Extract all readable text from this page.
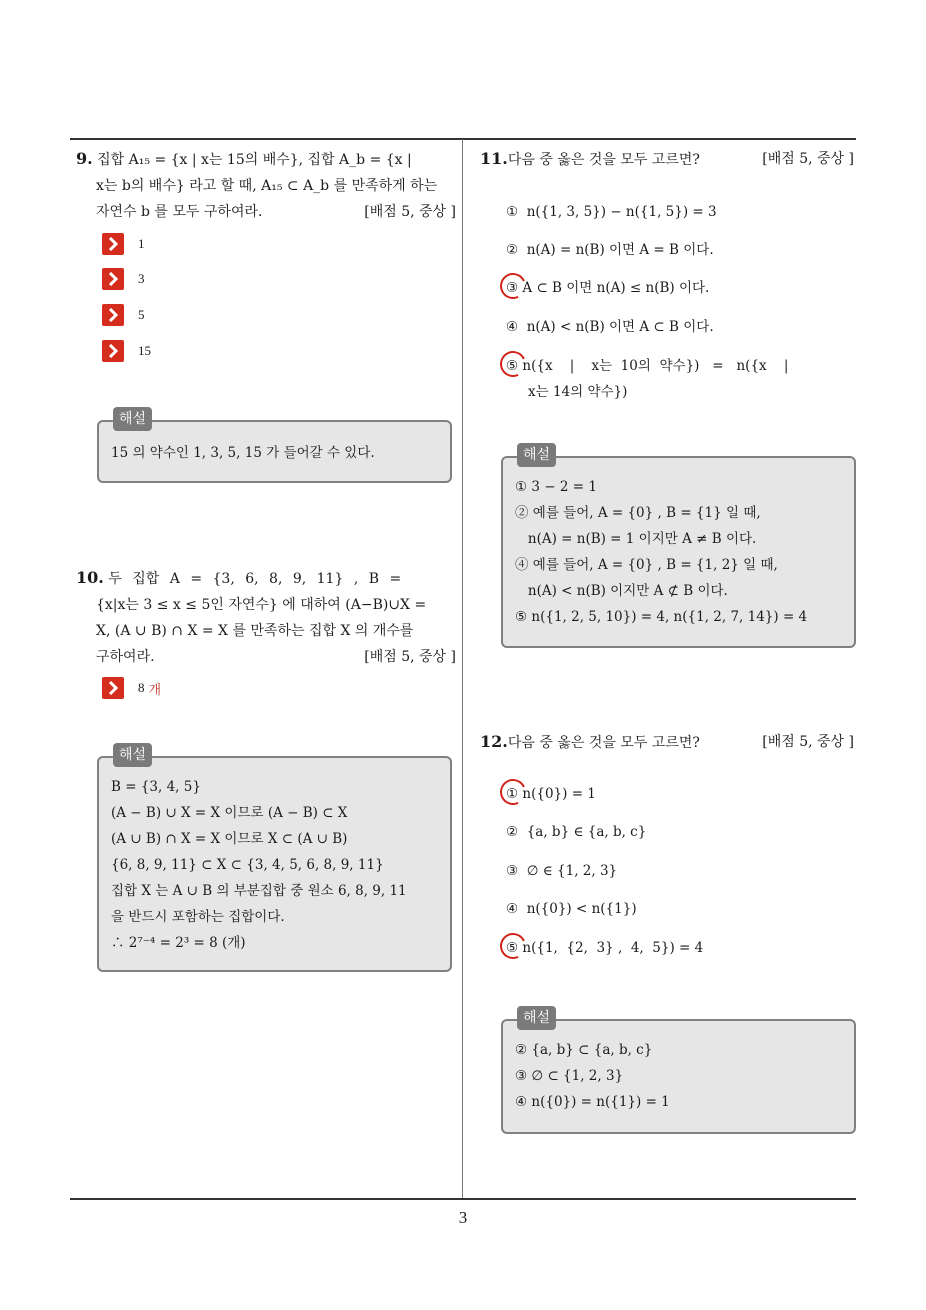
3
9. 집합 A₁₅ = {x | x는 15의 배수}, 집합 A_b = {x |
x는 b의 배수} 라고 할 때, A₁₅ ⊂ A_b 를 만족하게 하는
자연수 b 를 모두 구하여라.	[배점 5, 중상 ]
1
3
5
15
해설
15 의 약수인 1, 3, 5, 15 가 들어갈 수 있다.
10. 두 집합 A = {3, 6, 8, 9, 11} , B =
{x|x는 3 ≤ x ≤ 5인 자연수} 에 대하여 (A−B)∪X =
X, (A ∪ B) ∩ X = X 를 만족하는 집합 X 의 개수를
구하여라.	[배점 5, 중상 ]
8 개
해설
B = {3, 4, 5}
(A − B) ∪ X = X 이므로 (A − B) ⊂ X
(A ∪ B) ∩ X = X 이므로 X ⊂ (A ∪ B)
{6, 8, 9, 11} ⊂ X ⊂ {3, 4, 5, 6, 8, 9, 11}
집합 X 는 A ∪ B 의 부분집합 중 원소 6, 8, 9, 11
을 반드시 포함하는 집합이다.
∴ 2⁷⁻⁴ = 2³ = 8 (개)
11.다음 중 옳은 것을 모두 고르면?	[배점 5, 중상 ]
① n({1, 3, 5}) − n({1, 5}) = 3
② n(A) = n(B) 이면 A = B 이다.
③ A ⊂ B 이면 n(A) ≤ n(B) 이다.
④ n(A) < n(B) 이면 A ⊂ B 이다.
⑤ n({x    |    x는  10의  약수})   =   n({x    |
x는 14의 약수})
해설
① 3 − 2 = 1
② 예를 들어, A = {0} , B = {1} 일 때,
n(A) = n(B) = 1 이지만 A ≠ B 이다.
④ 예를 들어, A = {0} , B = {1, 2} 일 때,
n(A) < n(B) 이지만 A ⊄ B 이다.
⑤ n({1, 2, 5, 10}) = 4, n({1, 2, 7, 14}) = 4
12.다음 중 옳은 것을 모두 고르면?	[배점 5, 중상 ]
① n({0}) = 1
② {a, b} ∈ {a, b, c}
③ ∅ ∈ {1, 2, 3}
④ n({0}) < n({1})
⑤ n({1,  {2,  3} ,  4,  5}) = 4
해설
② {a, b} ⊂ {a, b, c}
③ ∅ ⊂ {1, 2, 3}
④ n({0}) = n({1}) = 1
